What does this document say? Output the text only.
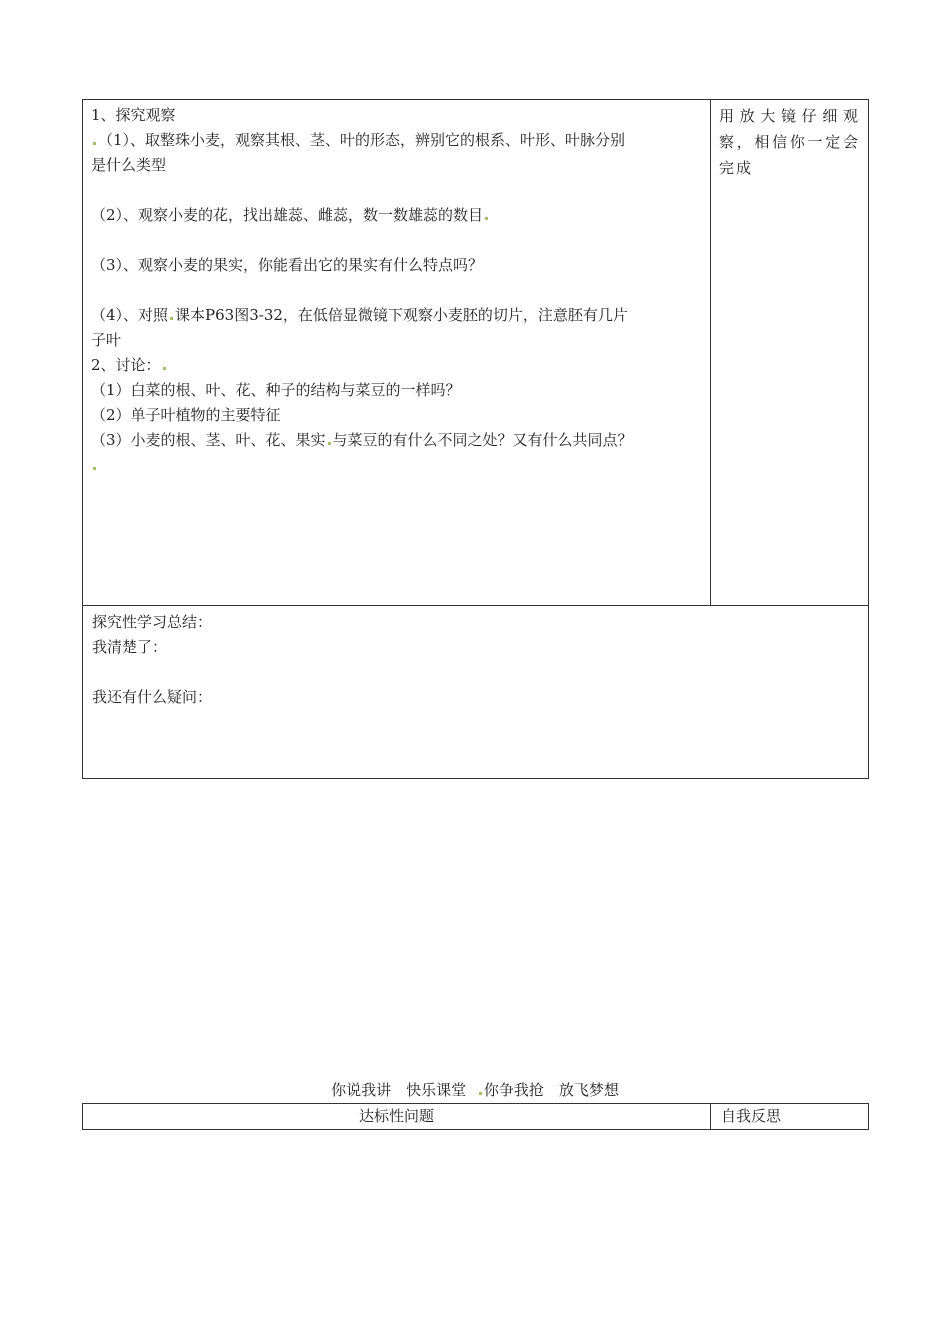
1、探究观察
（1）、取整珠小麦，观察其根、茎、叶的形态，辨别它的根系、叶形、叶脉分别
是什么类型
（2）、观察小麦的花，找出雄蕊、雌蕊，数一数雄蕊的数目
（3）、观察小麦的果实，你能看出它的果实有什么特点吗？
（4）、对照 课本P63图3-32，在低倍显微镜下观察小麦胚的切片，注意胚有几片
子叶
2、讨论：
（1）白菜的根、叶、花、种子的结构与菜豆的一样吗？
（2）单子叶植物的主要特征
（3）小麦的根、茎、叶、花、果实 与菜豆的有什么不同之处？又有什么共同点？
用放大镜仔细观察，相信你一定会完成
探究性学习总结：
我清楚了：
我还有什么疑问：
你说我讲　快乐课堂 你争我抢　放飞梦想
达标性问题	自我反思
